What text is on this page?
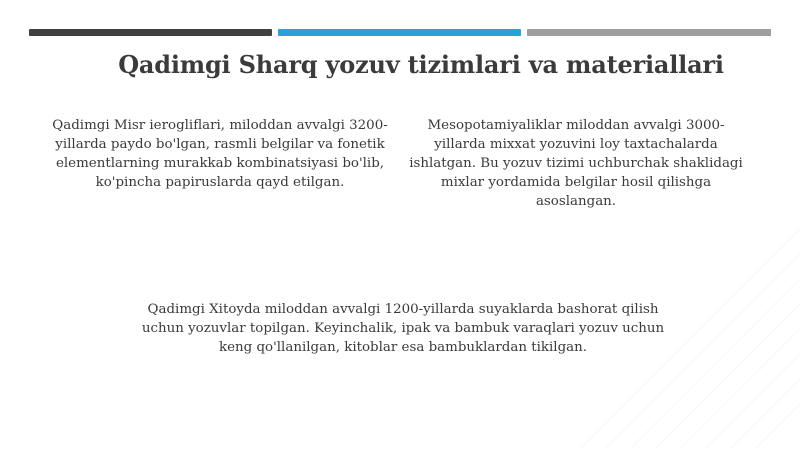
Qadimgi Sharq yozuv tizimlari va materiallari
Qadimgi Misr ierogliflari, miloddan avvalgi 3200-yillarda paydo bo'lgan, rasmli belgilar va fonetik elementlarning murakkab kombinatsiyasi bo'lib, ko'pincha papiruslarda qayd etilgan.
Mesopotamiyaliklar miloddan avvalgi 3000-yillarda mixxat yozuvini loy taxtachalarda ishlatgan. Bu yozuv tizimi uchburchak shaklidagi mixlar yordamida belgilar hosil qilishga asoslangan.
Qadimgi Xitoyda miloddan avvalgi 1200-yillarda suyaklarda bashorat qilish uchun yozuvlar topilgan. Keyinchalik, ipak va bambuk varaqlari yozuv uchun keng qo'llanilgan, kitoblar esa bambuklardan tikilgan.
